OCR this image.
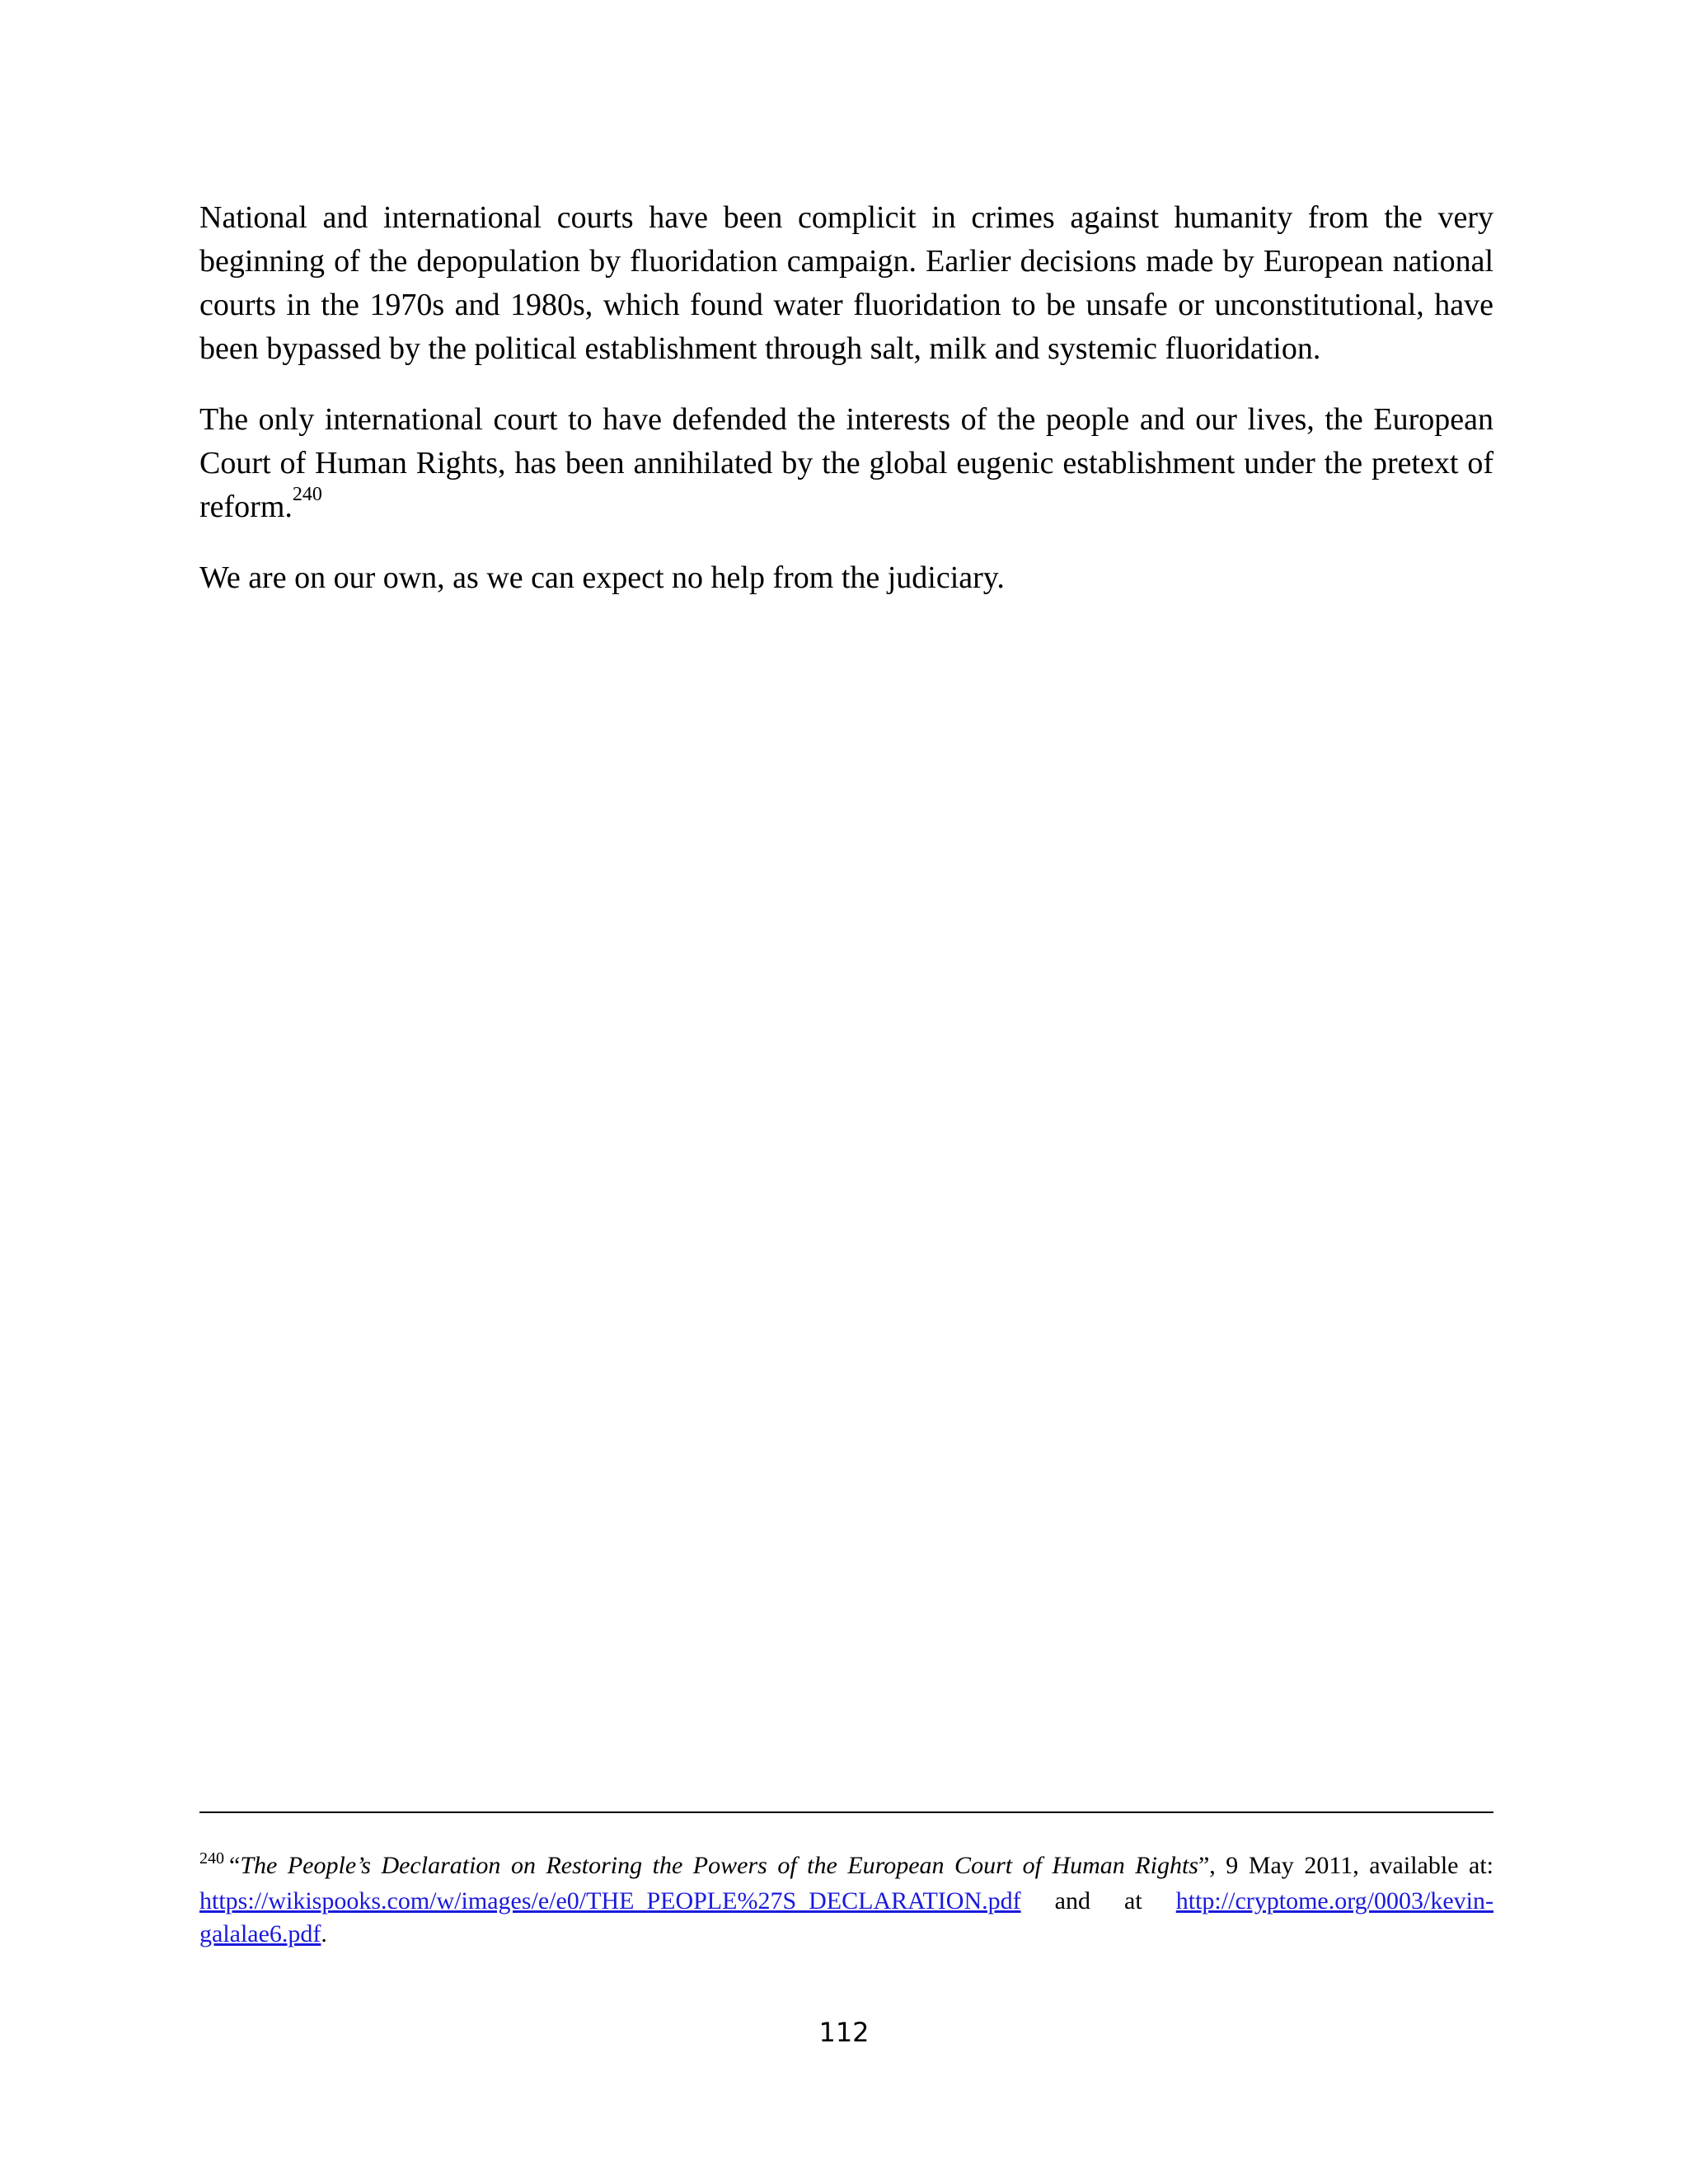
National and international courts have been complicit in crimes against humanity from the very beginning of the depopulation by fluoridation campaign. Earlier decisions made by European national courts in the 1970s and 1980s, which found water fluoridation to be unsafe or unconstitutional, have been bypassed by the political establishment through salt, milk and systemic fluoridation.

The only international court to have defended the interests of the people and our lives, the European Court of Human Rights, has been annihilated by the global eugenic establishment under the pretext of reform.$^{240}$

We are on our own, as we can expect no help from the judiciary.

$^{240}$ “The People’s Declaration on Restoring the Powers of the European Court of Human Rights”, 9 May 2011, available at: https://wikispooks.com/w/images/e/e0/THE_PEOPLE%27S_DECLARATION.pdf and at http://cryptome.org/0003/kevin-galalae6.pdf.
112
